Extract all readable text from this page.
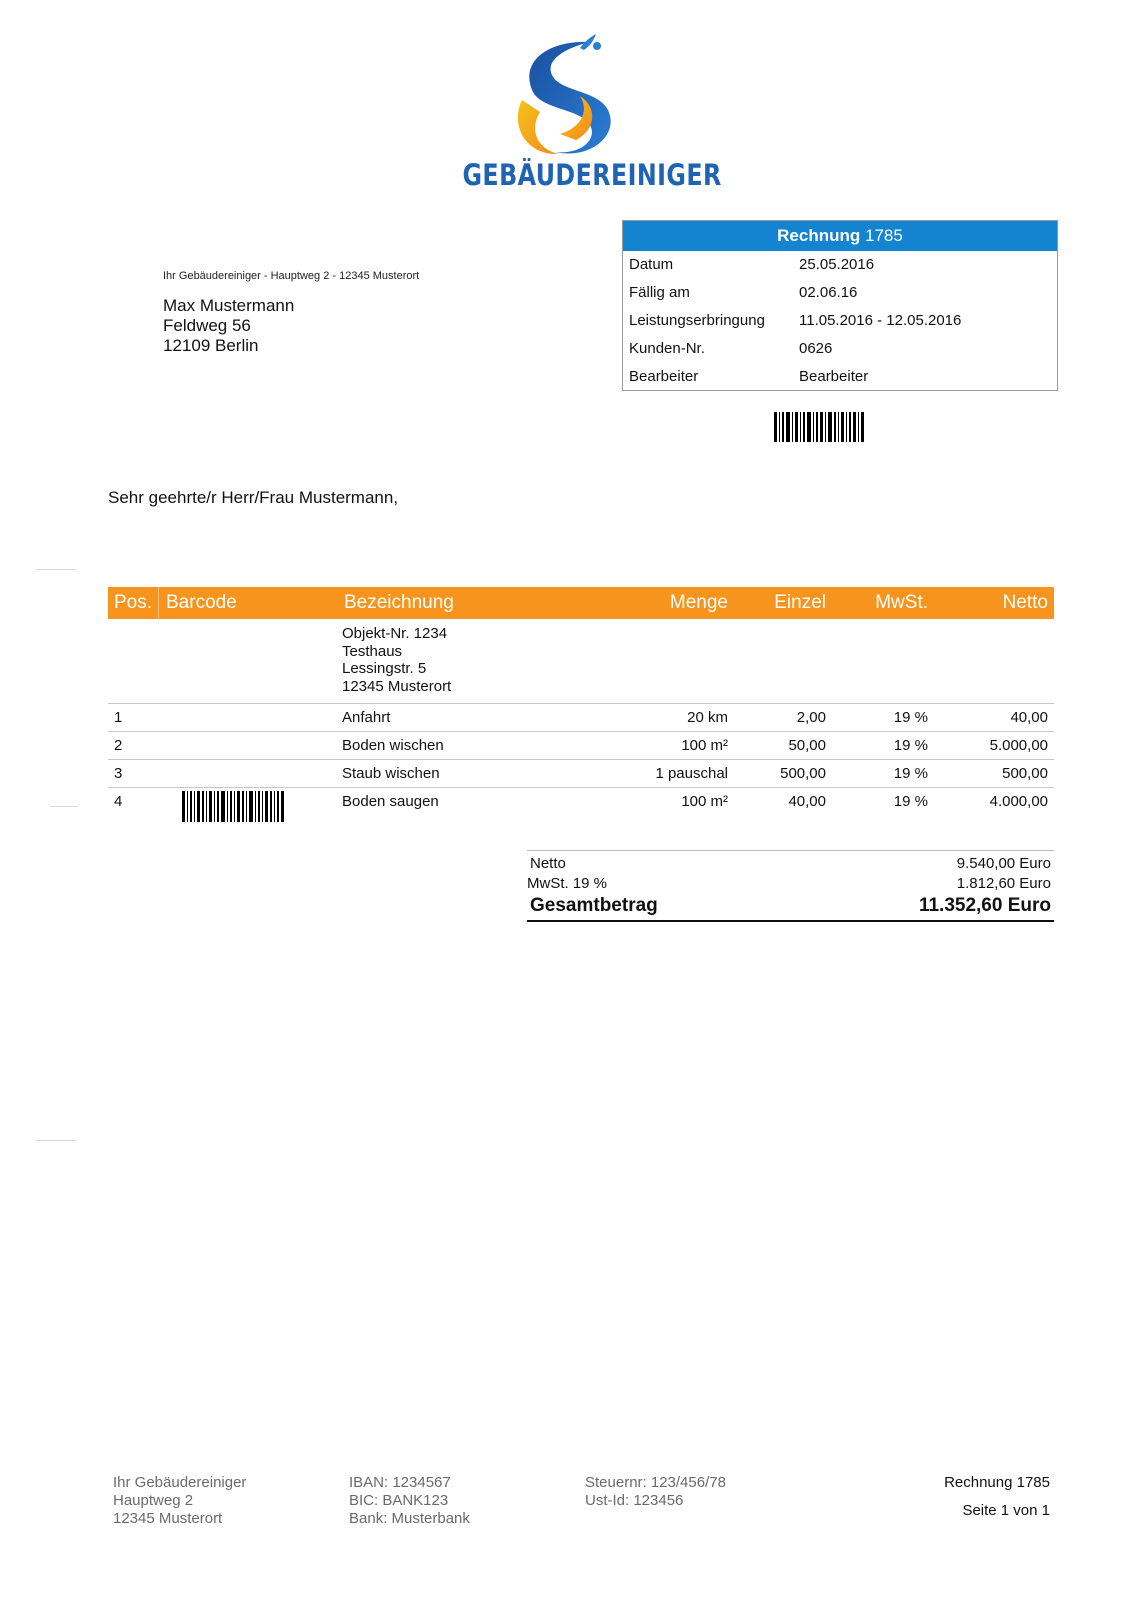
GEBÄUDEREINIGER
Ihr Gebäudereiniger - Hauptweg 2 - 12345 Musterort
Max Mustermann
Feldweg 56
12109 Berlin
Rechnung 1785
Datum	25.05.2016
Fällig am	02.06.16
Leistungserbringung	11.05.2016 - 12.05.2016
Kunden-Nr.	0626
Bearbeiter	Bearbeiter
Sehr geehrte/r Herr/Frau Mustermann,
Pos. Barcode	Bezeichnung	Menge	Einzel	MwSt.	Netto
Objekt-Nr. 1234
Testhaus
Lessingstr. 5
12345 Musterort
1	Anfahrt	20 km	2,00	19 %	40,00
2	Boden wischen	100 m²	50,00	19 %	5.000,00
3	Staub wischen	1 pauschal	500,00	19 %	500,00
4	Boden saugen	100 m²	40,00	19 %	4.000,00
Netto	9.540,00 Euro
MwSt. 19 %	1.812,60 Euro
Gesamtbetrag	11.352,60 Euro
Ihr Gebäudereiniger
Hauptweg 2
12345 Musterort
IBAN: 1234567
BIC: BANK123
Bank: Musterbank
Steuernr: 123/456/78
Ust-Id: 123456
Rechnung 1785
Seite 1 von 1
